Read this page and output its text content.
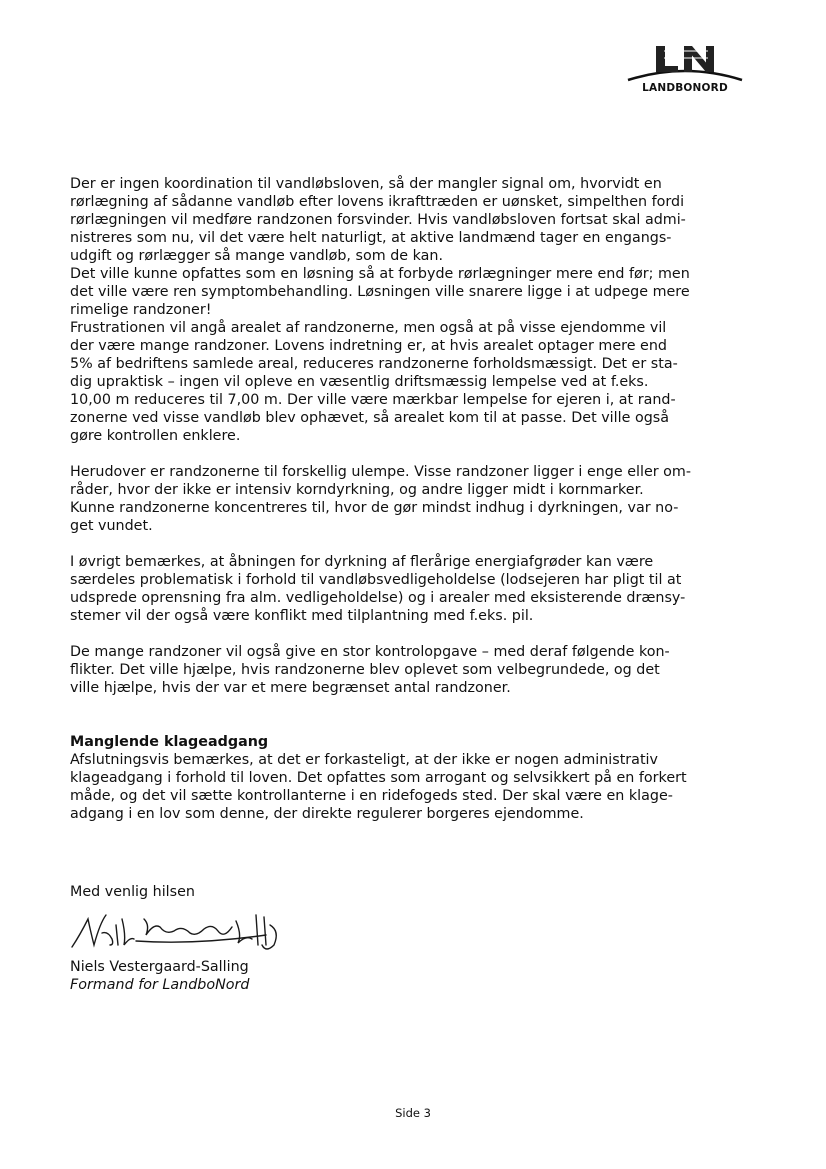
LANDBONORD

Der er ingen koordination til vandløbsloven, så der mangler signal om, hvorvidt en
rørlægning af sådanne vandløb efter lovens ikrafttræden er uønsket, simpelthen fordi
rørlægningen vil medføre randzonen forsvinder. Hvis vandløbsloven fortsat skal admi-
nistreres som nu, vil det være helt naturligt, at aktive landmænd tager en engangs-
udgift og rørlægger så mange vandløb, som de kan.
Det ville kunne opfattes som en løsning så at forbyde rørlægninger mere end før; men
det ville være ren symptombehandling. Løsningen ville snarere ligge i at udpege mere
rimelige randzoner!
Frustrationen vil angå arealet af randzonerne, men også at på visse ejendomme vil
der være mange randzoner. Lovens indretning er, at hvis arealet optager mere end
5% af bedriftens samlede areal, reduceres randzonerne forholdsmæssigt. Det er sta-
dig upraktisk – ingen vil opleve en væsentlig driftsmæssig lempelse ved at f.eks.
10,00 m reduceres til 7,00 m. Der ville være mærkbar lempelse for ejeren i, at rand-
zonerne ved visse vandløb blev ophævet, så arealet kom til at passe. Det ville også
gøre kontrollen enklere.

Herudover er randzonerne til forskellig ulempe. Visse randzoner ligger i enge eller om-
råder, hvor der ikke er intensiv korndyrkning, og andre ligger midt i kornmarker.
Kunne randzonerne koncentreres til, hvor de gør mindst indhug i dyrkningen, var no-
get vundet.

I øvrigt bemærkes, at åbningen for dyrkning af flerårige energiafgrøder kan være
særdeles problematisk i forhold til vandløbsvedligeholdelse (lodsejeren har pligt til at
udsprede oprensning fra alm. vedligeholdelse) og i arealer med eksisterende drænsy-
stemer vil der også være konflikt med tilplantning med f.eks. pil.

De mange randzoner vil også give en stor kontrolopgave – med deraf følgende kon-
flikter. Det ville hjælpe, hvis randzonerne blev oplevet som velbegrundede, og det
ville hjælpe, hvis der var et mere begrænset antal randzoner.

Manglende klageadgang

Afslutningsvis bemærkes, at det er forkasteligt, at der ikke er nogen administrativ
klageadgang i forhold til loven. Det opfattes som arrogant og selvsikkert på en forkert
måde, og det vil sætte kontrollanterne i en ridefogeds sted. Der skal være en klage-
adgang i en lov som denne, der direkte regulerer borgeres ejendomme.

Med venlig hilsen
Niels Vestergaard-Salling
Formand for LandboNord
Side 3
